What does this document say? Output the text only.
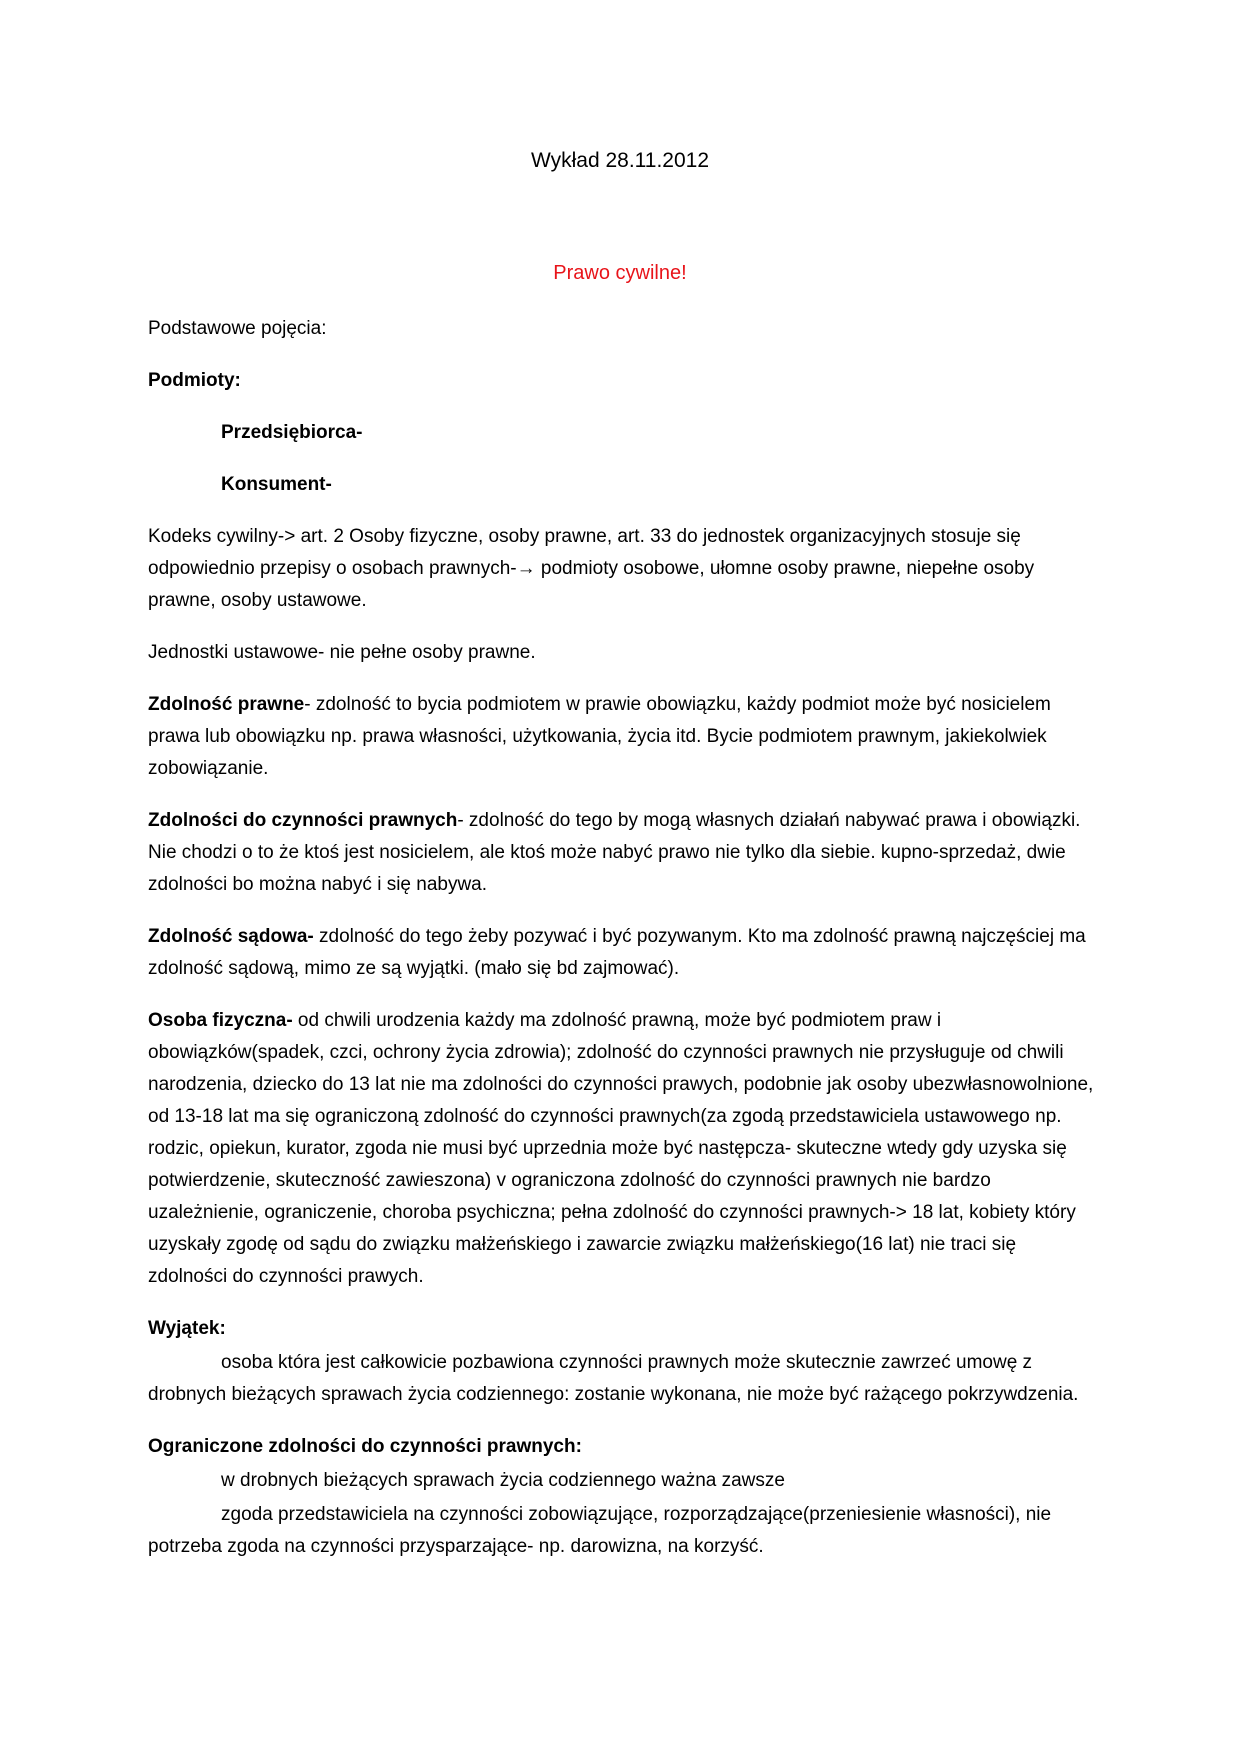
Wykład 28.11.2012
Prawo cywilne!

Podstawowe pojęcia:

Podmioty:

Przedsiębiorca-

Konsument-

Kodeks cywilny-> art. 2 Osoby fizyczne, osoby prawne, art. 33 do jednostek organizacyjnych stosuje się odpowiednio przepisy o osobach prawnych-→ podmioty osobowe, ułomne osoby prawne, niepełne osoby prawne, osoby ustawowe.

Jednostki ustawowe- nie pełne osoby prawne.

Zdolność prawne- zdolność to bycia podmiotem w prawie obowiązku, każdy podmiot może być nosicielem prawa lub obowiązku np. prawa własności, użytkowania, życia itd. Bycie podmiotem prawnym, jakiekolwiek zobowiązanie.

Zdolności do czynności prawnych- zdolność do tego by mogą własnych działań nabywać prawa i obowiązki. Nie chodzi o to że ktoś jest nosicielem, ale ktoś może nabyć prawo nie tylko dla siebie. kupno-sprzedaż, dwie zdolności bo można nabyć i się nabywa.

Zdolność sądowa- zdolność do tego żeby pozywać i być pozywanym. Kto ma zdolność prawną najczęściej ma zdolność sądową, mimo ze są wyjątki. (mało się bd zajmować).

Osoba fizyczna- od chwili urodzenia każdy ma zdolność prawną, może być podmiotem praw i obowiązków(spadek, czci, ochrony życia zdrowia); zdolność do czynności prawnych nie przysługuje od chwili narodzenia, dziecko do 13 lat nie ma zdolności do czynności prawych, podobnie jak osoby ubezwłasnowolnione, od 13-18 lat ma się ograniczoną zdolność do czynności prawnych(za zgodą przedstawiciela ustawowego np. rodzic, opiekun, kurator, zgoda nie musi być uprzednia może być następcza- skuteczne wtedy gdy uzyska się potwierdzenie, skuteczność zawieszona) v ograniczona zdolność do czynności prawnych nie bardzo uzależnienie, ograniczenie, choroba psychiczna; pełna zdolność do czynności prawnych-> 18 lat, kobiety który uzyskały zgodę od sądu do związku małżeńskiego i zawarcie związku małżeńskiego(16 lat) nie traci się zdolności do czynności prawych.

Wyjątek:

osoba która jest całkowicie pozbawiona czynności prawnych może skutecznie zawrzeć umowę z drobnych bieżących sprawach życia codziennego: zostanie wykonana, nie może być rażącego pokrzywdzenia.

Ograniczone zdolności do czynności prawnych:

w drobnych bieżących sprawach życia codziennego ważna zawsze

zgoda przedstawiciela na czynności zobowiązujące, rozporządzające(przeniesienie własności), nie potrzeba zgoda na czynności przysparzające- np. darowizna, na korzyść.
